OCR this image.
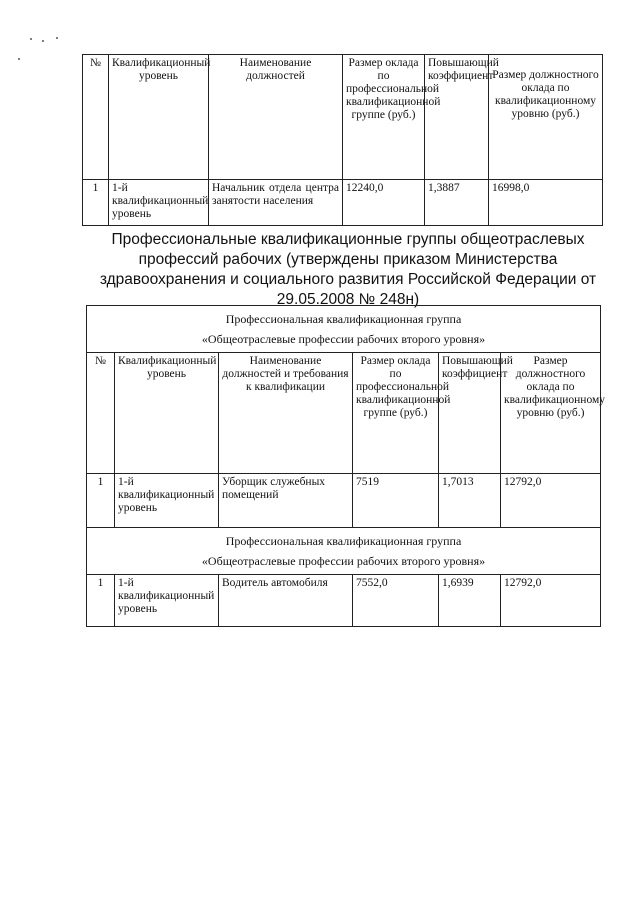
№	Квалификационный уровень	Наименование должностей	Размер оклада по профессиональной квалификационной группе (руб.)	Повышающий коэффициент	Размер должностного оклада по квалификационному уровню (руб.)
1	1-й квалификационный уровень	Начальник отдела центра занятости населения	12240,0	1,3887	16998,0
Профессиональные квалификационные группы общеотраслевых профессий рабочих (утверждены приказом Министерства здравоохранения и социального развития Российской Федерации от 29.05.2008 № 248н)
Профессиональная квалификационная группа
«Общеотраслевые профессии рабочих второго уровня»					

№	Квалификационный уровень	Наименование должностей и требования к квалификации	Размер оклада по профессиональной квалификационной группе (руб.)	Повышающий коэффициент	Размер должностного оклада по квалификационному уровню (руб.)
1	1-й квалификационный уровень	Уборщик служебных помещений	7519	1,7013	12792,0

Профессиональная квалификационная группа
«Общеотраслевые профессии рабочих второго уровня»					

1	1-й квалификационный уровень	Водитель автомобиля	7552,0	1,6939	12792,0
